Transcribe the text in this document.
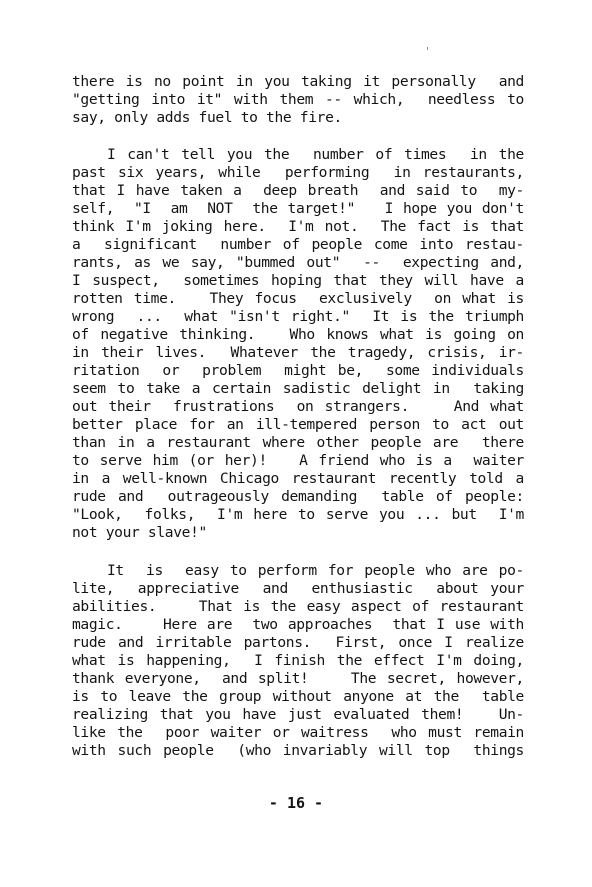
there is no point in you taking it personally  and
"getting into it" with them -- which,  needless to
say, only adds fuel to the fire.
I can't tell you the  number of times  in the
past six years, while  performing  in restaurants,
that I have taken a  deep breath  and said to  my-
self,  "I  am  NOT  the target!"   I hope you don't
think I'm joking here.  I'm not.  The fact is that
a  significant  number of people come into restau-
rants, as we say, "bummed out"  --  expecting and,
I suspect,  sometimes hoping that they will have a
rotten time.   They focus  exclusively  on what is
wrong  ...  what "isn't right."  It is the triumph
of negative thinking.   Who knows what is going on
in their lives.  Whatever the tragedy, crisis, ir-
ritation  or  problem  might be,  some individuals
seem to take a certain sadistic delight in  taking
out their  frustrations  on strangers.    And what
better place for an ill-tempered person to act out
than in a restaurant where other people are  there
to serve him (or her)!   A friend who is a  waiter
in a well-known Chicago restaurant recently told a
rude and  outrageously demanding  table of people:
"Look,  folks,  I'm here to serve you ... but  I'm
not your slave!"
It  is  easy to perform for people who are po-
lite,  appreciative  and  enthusiastic  about your
abilities.    That is the easy aspect of restaurant
magic.    Here are  two approaches  that I use with
rude and irritable partons.  First, once I realize
what is happening,  I finish the effect I'm doing,
thank everyone,  and split!    The secret, however,
is to leave the group without anyone at the  table
realizing that you have just evaluated them!   Un-
like the  poor waiter or waitress  who must remain
with such people  (who invariably will top  things
- 16 -
